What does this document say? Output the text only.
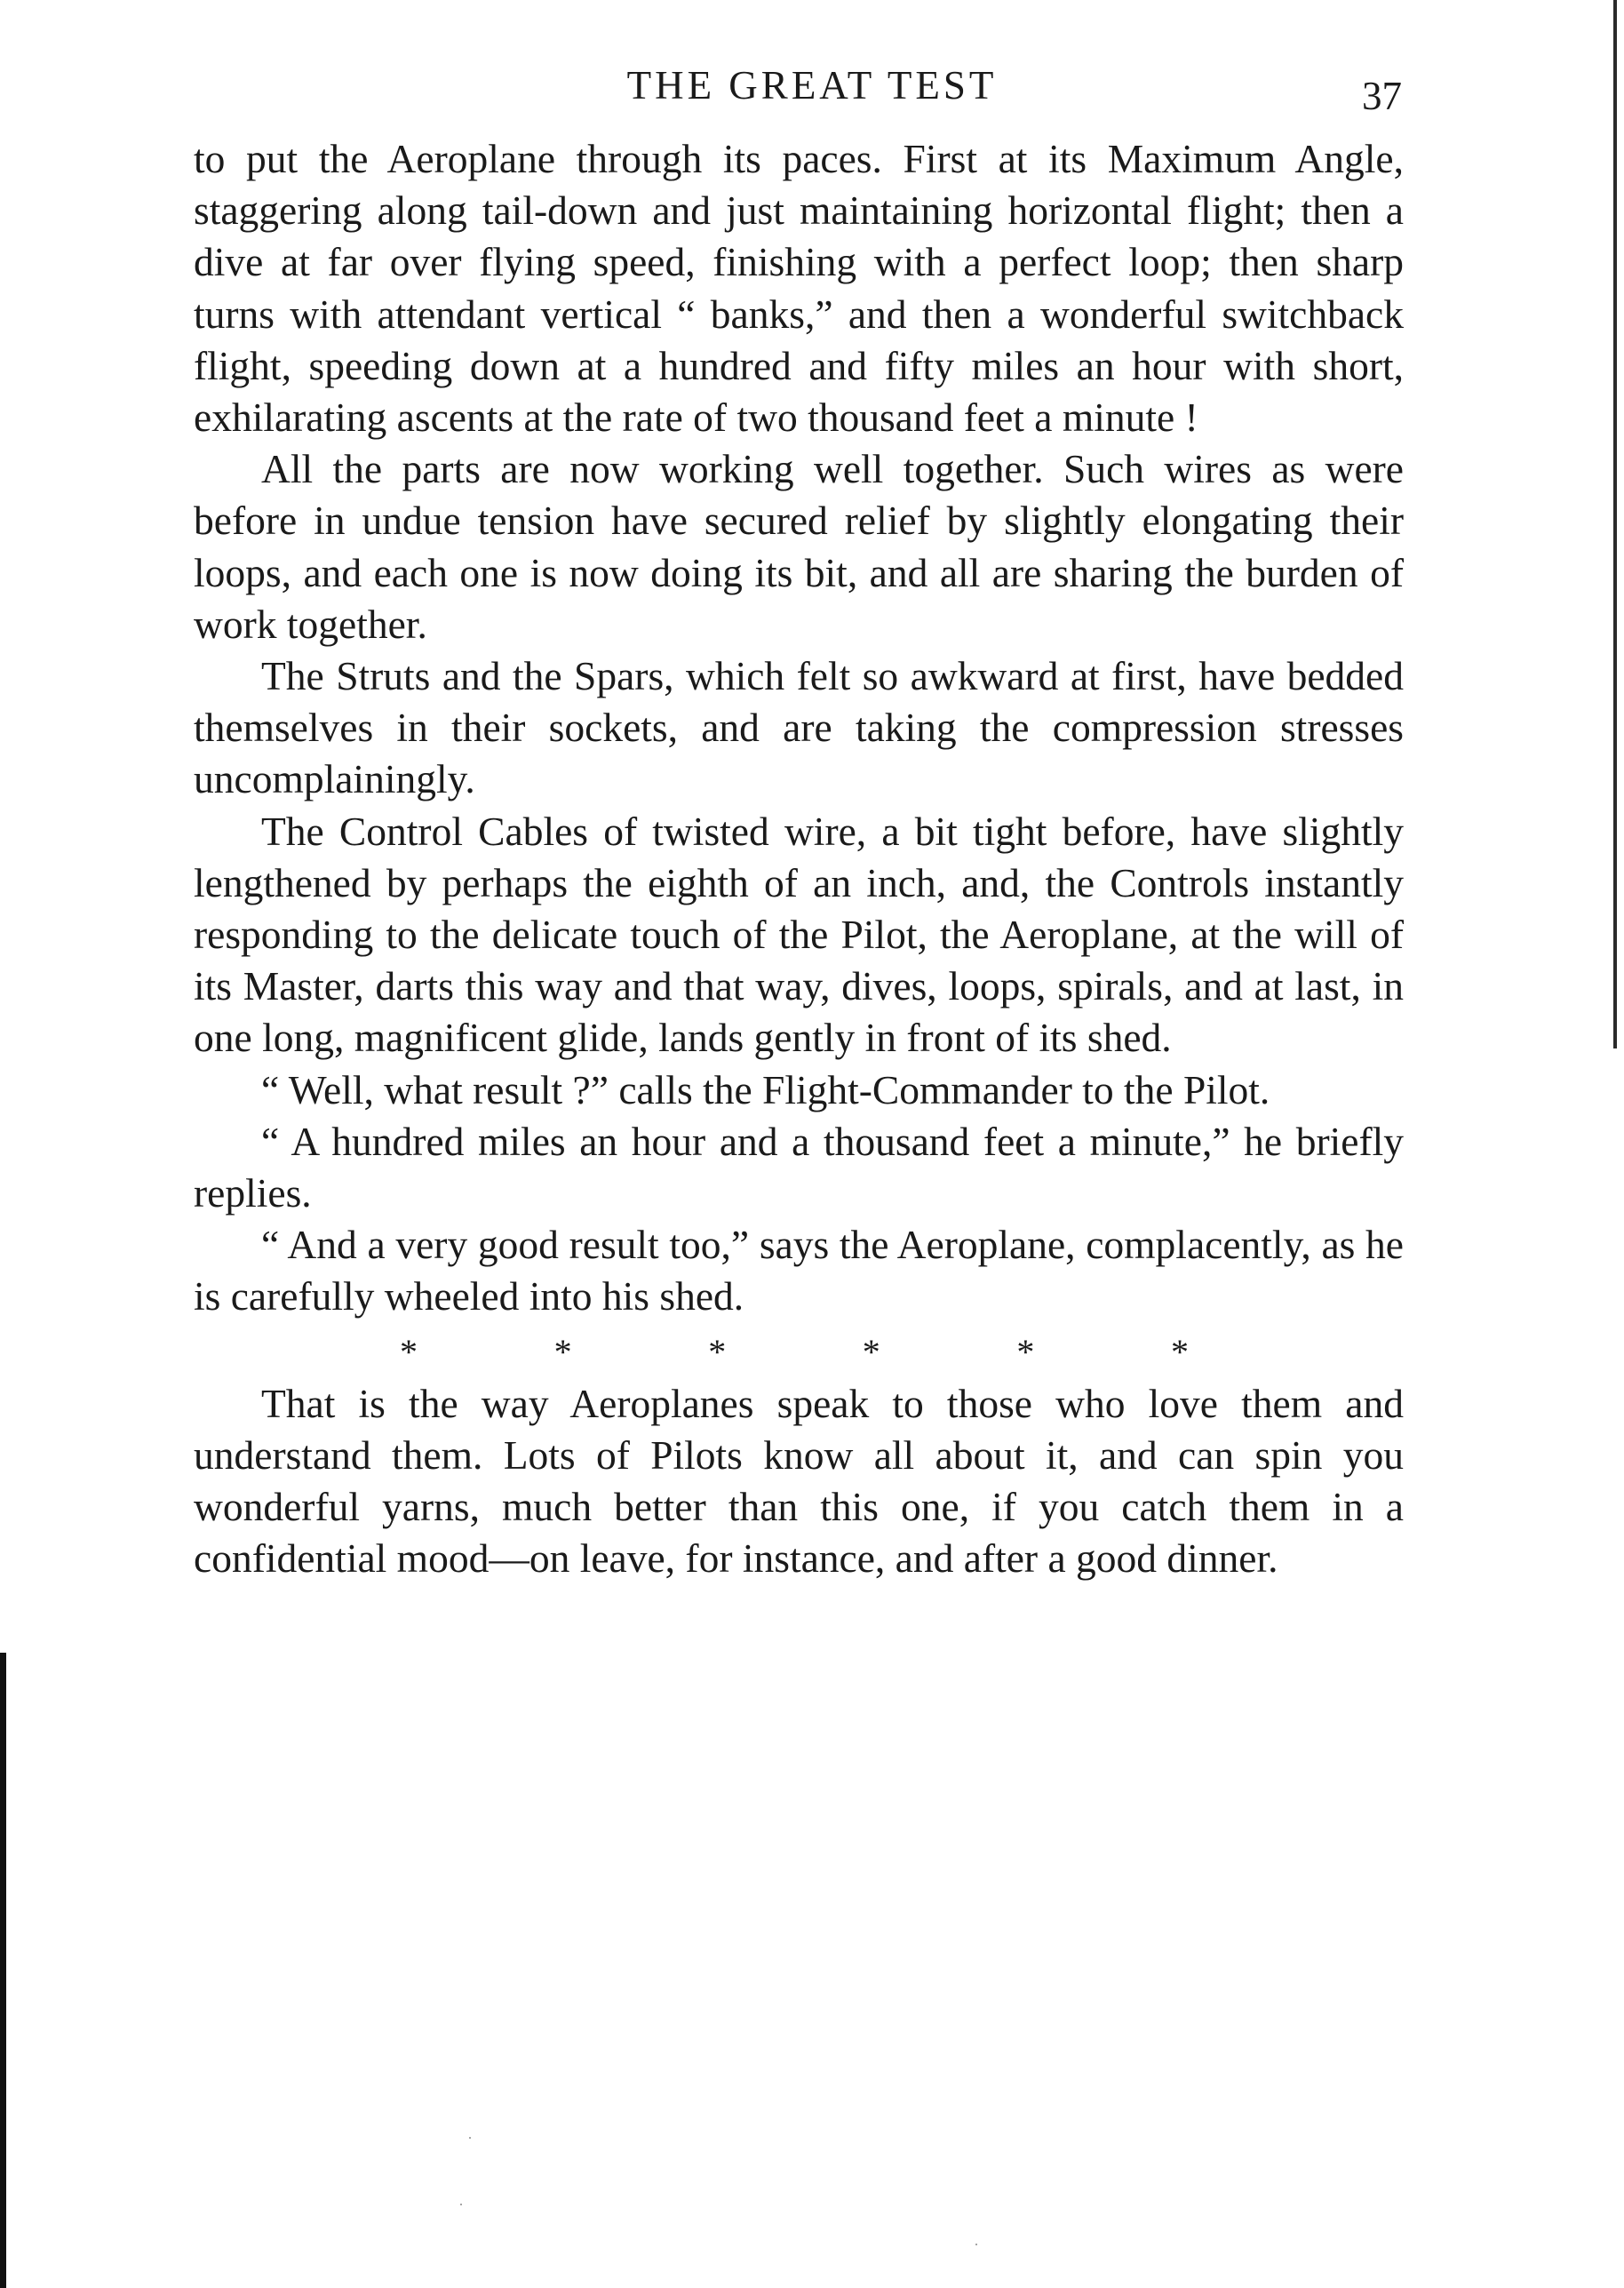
THE GREAT TEST	37

to put the Aeroplane through its paces. First at its Maximum Angle, staggering along tail-down and just maintaining horizontal flight; then a dive at far over flying speed, finishing with a perfect loop; then sharp turns with attendant vertical “ banks,” and then a wonderful switchback flight, speeding down at a hundred and fifty miles an hour with short, exhilarating ascents at the rate of two thousand feet a minute !

All the parts are now working well together. Such wires as were before in undue tension have secured relief by slightly elongating their loops, and each one is now doing its bit, and all are sharing the burden of work together.

The Struts and the Spars, which felt so awkward at first, have bedded themselves in their sockets, and are taking the compression stresses uncomplainingly.

The Control Cables of twisted wire, a bit tight before, have slightly lengthened by perhaps the eighth of an inch, and, the Controls instantly responding to the delicate touch of the Pilot, the Aeroplane, at the will of its Master, darts this way and that way, dives, loops, spirals, and at last, in one long, magnificent glide, lands gently in front of its shed.

“ Well, what result ?” calls the Flight-Commander to the Pilot.

“ A hundred miles an hour and a thousand feet a minute,” he briefly replies.

“ And a very good result too,” says the Aeroplane, complacently, as he is carefully wheeled into his shed.

*	*	*	*	*	*

That is the way Aeroplanes speak to those who love them and understand them. Lots of Pilots know all about it, and can spin you wonderful yarns, much better than this one, if you catch them in a confidential mood—on leave, for instance, and after a good dinner.
